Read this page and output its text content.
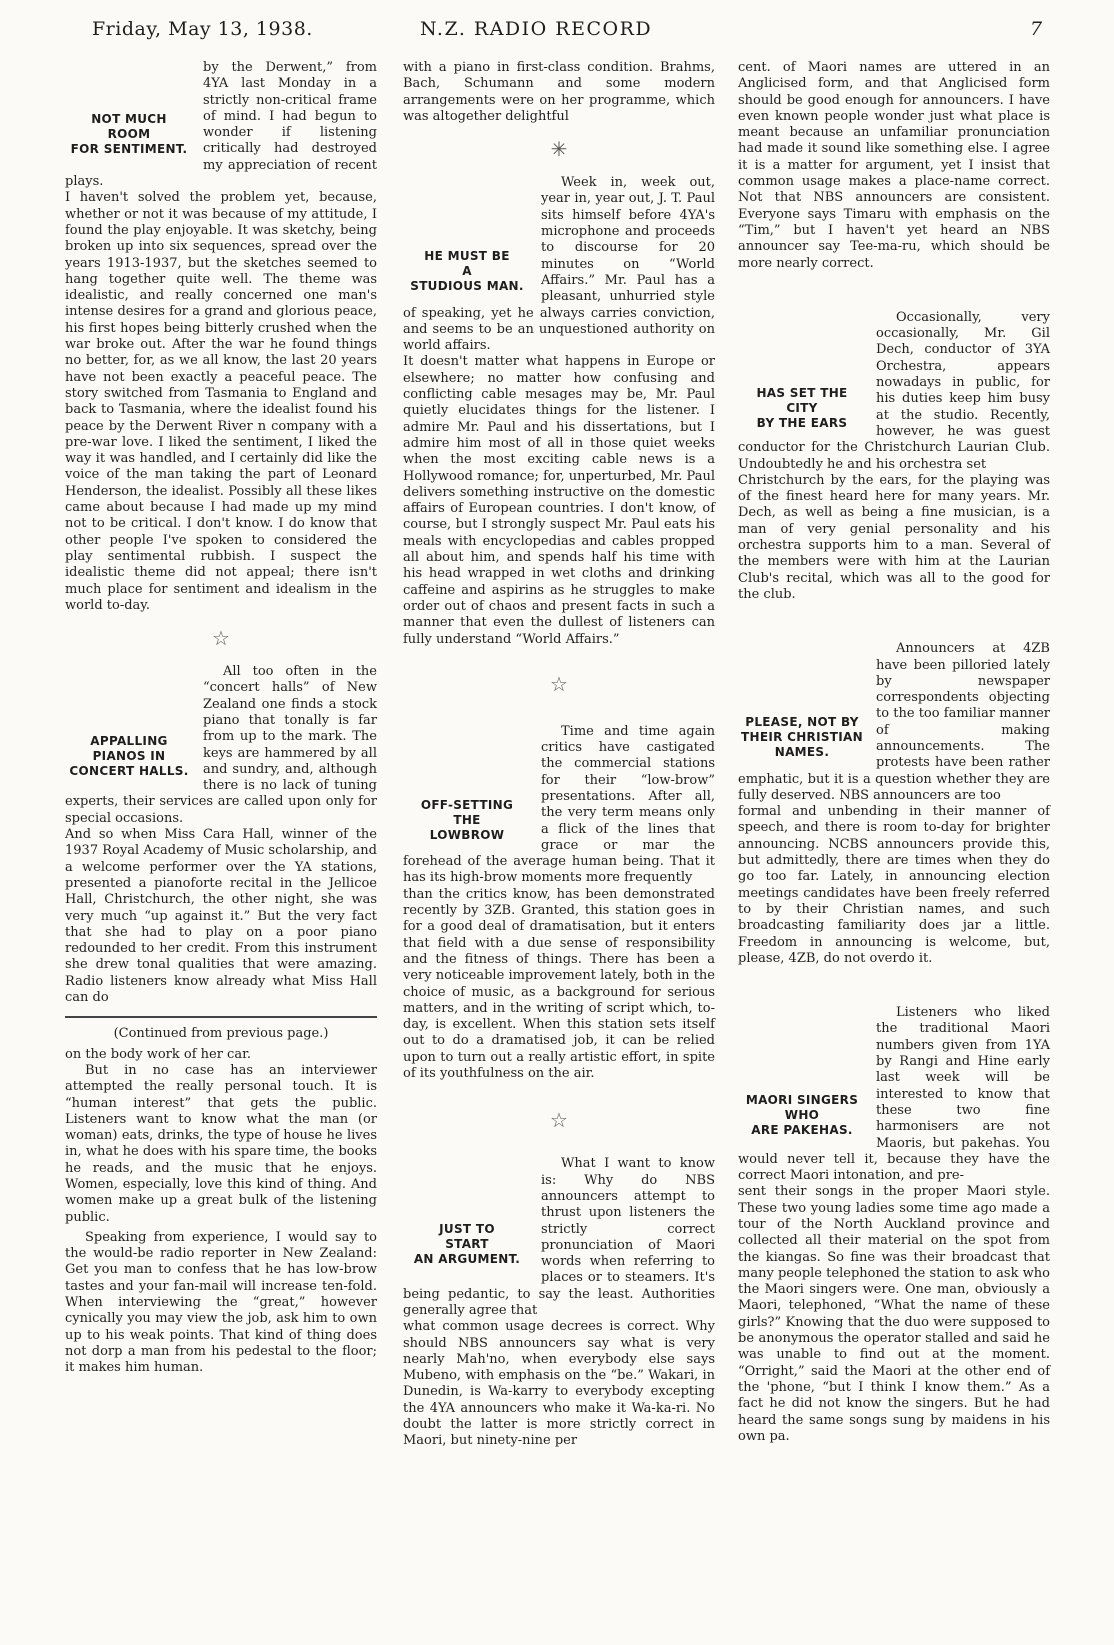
Friday, May 13, 1938.	N.Z. RADIO RECORD	7
NOT MUCH
ROOM
FOR SENTIMENT.

by the Derwent,” from 4YA last Monday in a strictly non-critical frame of mind. I had begun to wonder if listening critically had destroyed my appreciation of recent plays.

I haven't solved the problem yet, because, whether or not it was because of my attitude, I found the play enjoyable. It was sketchy, being broken up into six sequences, spread over the years 1913-1937, but the sketches seemed to hang together quite well. The theme was idealistic, and really concerned one man's intense desires for a grand and glorious peace, his first hopes being bitterly crushed when the war broke out. After the war he found things no better, for, as we all know, the last 20 years have not been exactly a peaceful peace. The story switched from Tasmania to England and back to Tasmania, where the idealist found his peace by the Derwent River n company with a pre-war love. I liked the sentiment, I liked the way it was handled, and I certainly did like the voice of the man taking the part of Leonard Henderson, the idealist. Possibly all these likes came about because I had made up my mind not to be critical. I don't know. I do know that other people I've spoken to considered the play sentimental rubbish. I suspect the idealistic theme did not appeal; there isn't much place for sentiment and idealism in the world to-day.

☆
APPALLING
PIANOS IN
CONCERT HALLS.

All too often in the “concert halls” of New Zealand one finds a stock piano that tonally is far from up to the mark. The keys are hammered by all and sundry, and, although there is no lack of tuning experts, their services are called upon only for special occasions.

And so when Miss Cara Hall, winner of the 1937 Royal Academy of Music scholarship, and a welcome performer over the YA stations, presented a pianoforte recital in the Jellicoe Hall, Christchurch, the other night, she was very much “up against it.” But the very fact that she had to play on a poor piano redounded to her credit. From this instrument she drew tonal qualities that were amazing. Radio listeners know already what Miss Hall can do

(Continued from previous page.)

on the body work of her car.

But in no case has an interviewer attempted the really personal touch. It is “human interest” that gets the public. Listeners want to know what the man (or woman) eats, drinks, the type of house he lives in, what he does with his spare time, the books he reads, and the music that he enjoys. Women, especially, love this kind of thing. And women make up a great bulk of the listening public.

Speaking from experience, I would say to the would-be radio reporter in New Zealand: Get you man to confess that he has low-brow tastes and your fan-mail will increase ten-fold. When interviewing the “great,” however cynically you may view the job, ask him to own up to his weak points. That kind of thing does not dorp a man from his pedestal to the floor; it makes him human.

with a piano in first-class condition. Brahms, Bach, Schumann and some modern arrangements were on her programme, which was altogether delightful

✳
HE MUST BE
A
STUDIOUS MAN.

Week in, week out, year in, year out, J. T. Paul sits himself before 4YA's microphone and proceeds to discourse for 20 minutes on “World Affairs.” Mr. Paul has a pleasant, unhurried style of speaking, yet he always carries conviction, and seems to be an unquestioned authority on world affairs.

It doesn't matter what happens in Europe or elsewhere; no matter how confusing and conflicting cable mesages may be, Mr. Paul quietly elucidates things for the listener. I admire Mr. Paul and his dissertations, but I admire him most of all in those quiet weeks when the most exciting cable news is a Hollywood romance; for, unperturbed, Mr. Paul delivers something instructive on the domestic affairs of European countries. I don't know, of course, but I strongly suspect Mr. Paul eats his meals with encyclopedias and cables propped all about him, and spends half his time with his head wrapped in wet cloths and drinking caffeine and aspirins as he struggles to make order out of chaos and present facts in such a manner that even the dullest of listeners can fully understand “World Affairs.”

☆
OFF-SETTING
THE
LOWBROW

Time and time again critics have castigated the commercial stations for their “low-brow” presentations. After all, the very term means only a flick of the lines that grace or mar the forehead of the average human being. That it has its high-brow moments more frequently

than the critics know, has been demonstrated recently by 3ZB. Granted, this station goes in for a good deal of dramatisation, but it enters that field with a due sense of responsibility and the fitness of things. There has been a very noticeable improvement lately, both in the choice of music, as a background for serious matters, and in the writing of script which, to-day, is excellent. When this station sets itself out to do a dramatised job, it can be relied upon to turn out a really artistic effort, in spite of its youthfulness on the air.

☆
JUST TO
START
AN ARGUMENT.

What I want to know is: Why do NBS announcers attempt to thrust upon listeners the strictly correct pronunciation of Maori words when referring to places or to steamers. It's being pedantic, to say the least. Authorities generally agree that

what common usage decrees is correct. Why should NBS announcers say what is very nearly Mah'no, when everybody else says Mubeno, with emphasis on the “be.” Wakari, in Dunedin, is Wa-karry to everybody excepting the 4YA announcers who make it Wa-ka-ri. No doubt the latter is more strictly correct in Maori, but ninety-nine per

cent. of Maori names are uttered in an Anglicised form, and that Anglicised form should be good enough for announcers. I have even known people wonder just what place is meant because an unfamiliar pronunciation had made it sound like something else. I agree it is a matter for argument, yet I insist that common usage makes a place-name correct. Not that NBS announcers are consistent. Everyone says Timaru with emphasis on the “Tim,” but I haven't yet heard an NBS announcer say Tee-ma-ru, which should be more nearly correct.

HAS SET THE
CITY
BY THE EARS

Occasionally, very occasionally, Mr. Gil Dech, conductor of 3YA Orchestra, appears nowadays in public, for his duties keep him busy at the studio. Recently, however, he was guest conductor for the Christchurch Laurian Club. Undoubtedly he and his orchestra set

Christchurch by the ears, for the playing was of the finest heard here for many years. Mr. Dech, as well as being a fine musician, is a man of very genial personality and his orchestra supports him to a man. Several of the members were with him at the Laurian Club's recital, which was all to the good for the club.

PLEASE, NOT BY
THEIR CHRISTIAN
NAMES.

Announcers at 4ZB have been pilloried lately by newspaper correspondents objecting to the too familiar manner of making announcements. The protests have been rather emphatic, but it is a question whether they are fully deserved. NBS announcers are too

formal and unbending in their manner of speech, and there is room to-day for brighter announcing. NCBS announcers provide this, but admittedly, there are times when they do go too far. Lately, in announcing election meetings candidates have been freely referred to by their Christian names, and such broadcasting familiarity does jar a little. Freedom in announcing is welcome, but, please, 4ZB, do not overdo it.

MAORI SINGERS
WHO
ARE PAKEHAS.

Listeners who liked the traditional Maori numbers given from 1YA by Rangi and Hine early last week will be interested to know that these two fine harmonisers are not Maoris, but pakehas. You would never tell it, because they have the correct Maori intonation, and pre-

sent their songs in the proper Maori style. These two young ladies some time ago made a tour of the North Auckland province and collected all their material on the spot from the kiangas. So fine was their broadcast that many people telephoned the station to ask who the Maori singers were. One man, obviously a Maori, telephoned, “What the name of these girls?” Knowing that the duo were supposed to be anonymous the operator stalled and said he was unable to find out at the moment. “Orright,” said the Maori at the other end of the 'phone, “but I think I know them.” As a fact he did not know the singers. But he had heard the same songs sung by maidens in his own pa.
